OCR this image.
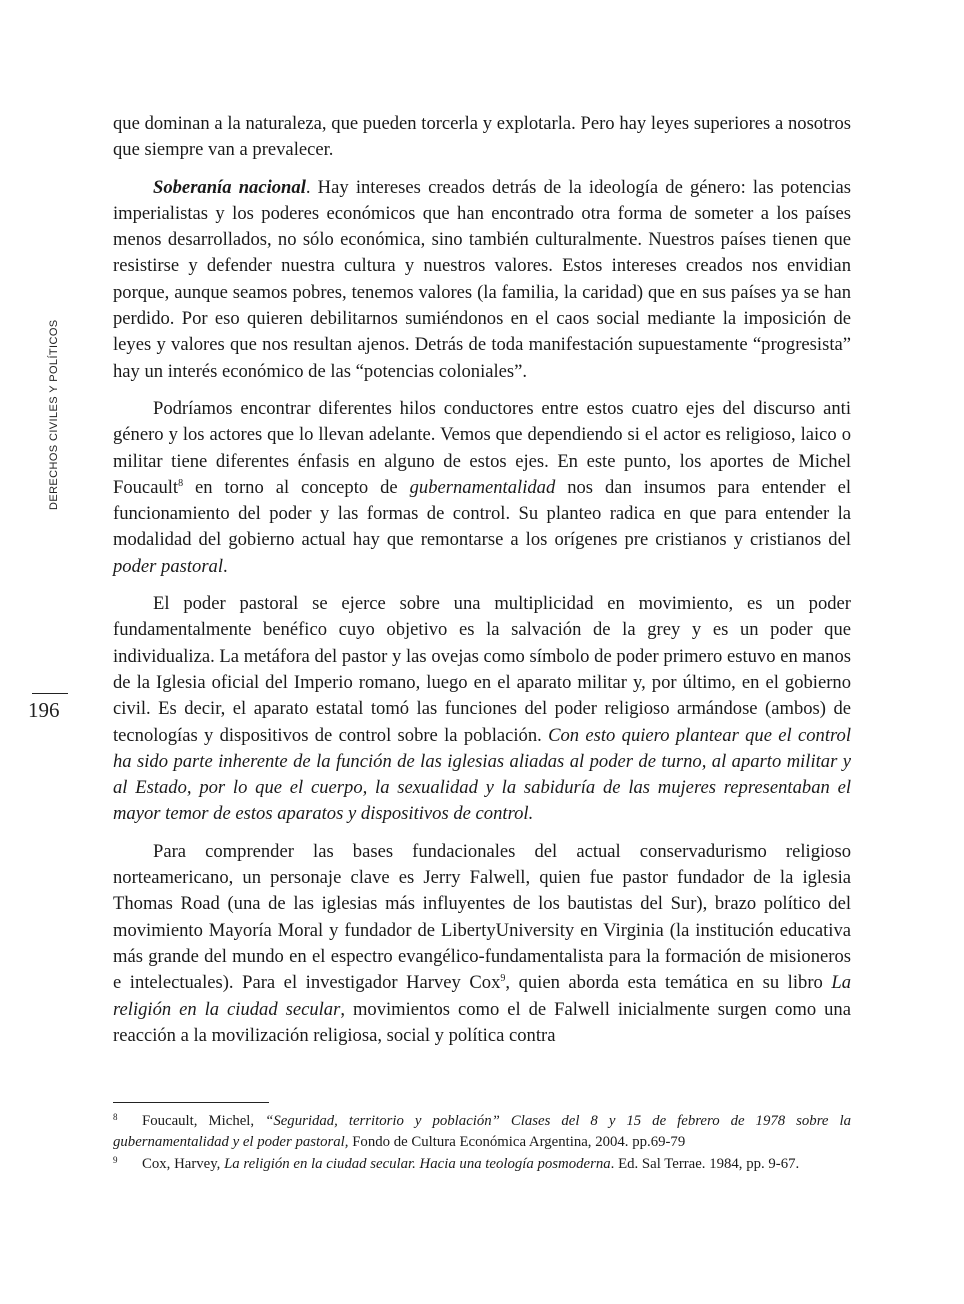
DERECHOS CIVILES Y POLÍTICOS
196

que dominan a la naturaleza, que pueden torcerla y explotarla. Pero hay leyes superiores a nosotros que siempre van a prevalecer.

Soberanía nacional. Hay intereses creados detrás de la ideología de género: las potencias imperialistas y los poderes económicos que han encontrado otra forma de someter a los países menos desarrollados, no sólo económica, sino también culturalmente. Nuestros países tienen que resistirse y defender nuestra cultura y nuestros valores. Estos intereses creados nos envidian porque, aunque seamos pobres, tenemos valores (la familia, la caridad) que en sus países ya se han perdido. Por eso quieren debilitarnos sumiéndonos en el caos social mediante la imposición de leyes y valores que nos resultan ajenos. Detrás de toda manifestación supuestamente “progresista” hay un interés económico de las “potencias coloniales”.

Podríamos encontrar diferentes hilos conductores entre estos cuatro ejes del discurso anti género y los actores que lo llevan adelante. Vemos que dependiendo si el actor es religioso, laico o militar tiene diferentes énfasis en alguno de estos ejes. En este punto, los aportes de Michel Foucault$^8$ en torno al concepto de gubernamentalidad nos dan insumos para entender el funcionamiento del poder y las formas de control. Su planteo radica en que para entender la modalidad del gobierno actual hay que remontarse a los orígenes pre cristianos y cristianos del poder pastoral.

El poder pastoral se ejerce sobre una multiplicidad en movimiento, es un poder fundamentalmente benéfico cuyo objetivo es la salvación de la grey y es un poder que individualiza. La metáfora del pastor y las ovejas como símbolo de poder primero estuvo en manos de la Iglesia oficial del Imperio romano, luego en el aparato militar y, por último, en el gobierno civil. Es decir, el aparato estatal tomó las funciones del poder religioso armándose (ambos) de tecnologías y dispositivos de control sobre la población. Con esto quiero plantear que el control ha sido parte inherente de la función de las iglesias aliadas al poder de turno, al aparto militar y al Estado, por lo que el cuerpo, la sexualidad y la sabiduría de las mujeres representaban el mayor temor de estos aparatos y dispositivos de control.

Para comprender las bases fundacionales del actual conservadurismo religioso norteamericano, un personaje clave es Jerry Falwell, quien fue pastor fundador de la iglesia Thomas Road (una de las iglesias más influyentes de los bautistas del Sur), brazo político del movimiento Mayoría Moral y fundador de LibertyUniversity en Virginia (la institución educativa más grande del mundo en el espectro evangélico-fundamentalista para la formación de misioneros e intelectuales). Para el investigador Harvey Cox$^9$, quien aborda esta temática en su libro La religión en la ciudad secular, movimientos como el de Falwell inicialmente surgen como una reacción a la movilización religiosa, social y política contra

8 Foucault, Michel, “Seguridad, territorio y población” Clases del 8 y 15 de febrero de 1978 sobre la gubernamentalidad y el poder pastoral, Fondo de Cultura Económica Argentina, 2004. pp.69-79

9 Cox, Harvey, La religión en la ciudad secular. Hacia una teología posmoderna. Ed. Sal Terrae. 1984, pp. 9-67.
